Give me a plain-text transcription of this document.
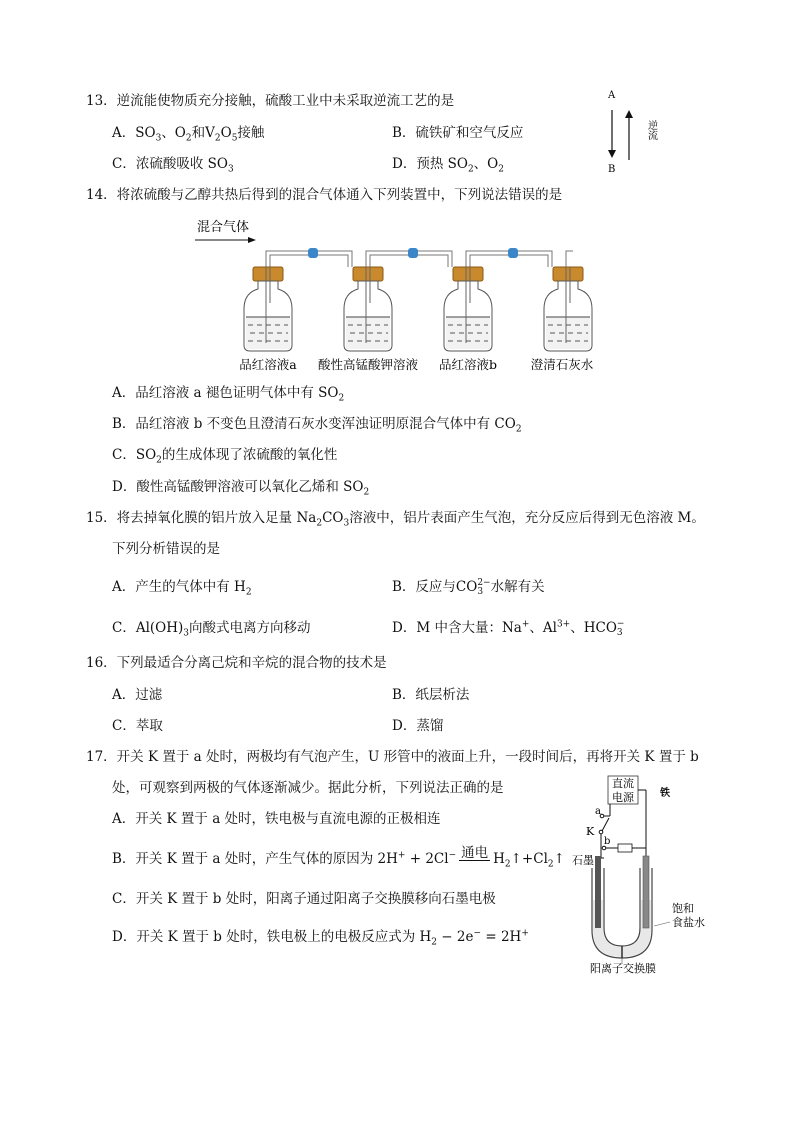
13．逆流能使物质充分接触，硫酸工业中未采取逆流工艺的是
A．$SO_3$、$O_2$和$V_2O_5$接触	B．硫铁矿和空气反应
C．浓硫酸吸收 $SO_3$	D．预热 $SO_2$、$O_2$
A
B
逆流
14．将浓硫酸与乙醇共热后得到的混合气体通入下列装置中，下列说法错误的是
混合气体
品红溶液a 酸性高锰酸钾溶液 品红溶液b	澄清石灰水
A．品红溶液 a 褪色证明气体中有 $SO_2$
B．品红溶液 b 不变色且澄清石灰水变浑浊证明原混合气体中有 $CO_2$
C．$SO_2$的生成体现了浓硫酸的氧化性
D．酸性高锰酸钾溶液可以氧化乙烯和 $SO_2$
15．将去掉氧化膜的铝片放入足量 $Na_2CO_3$溶液中，铝片表面产生气泡，充分反应后得到无色溶液 M。
下列分析错误的是
A．产生的气体中有 $H_2$	B．反应与CO 2−
3 水解有关
C．$Al(OH)_3$向酸式电离方向移动	D．M 中含大量：Na+、$Al^{3+}$、HCO −
3
16．下列最适合分离己烷和辛烷的混合物的技术是
A．过滤	B．纸层析法
C．萃取	D．蒸馏
17．开关 K 置于 a 处时，两极均有气泡产生，U 形管中的液面上升，一段时间后，再将开关 K 置于 b
处，可观察到两极的气体逐渐减少。据此分析，下列说法正确的是
A．开关 K 置于 a 处时，铁电极与直流电源的正极相连
B．开关 K 置于 a 处时，产生气体的原因为 2H+ + 2Cl− 通电 $H_2↑+Cl_2↑$
C．开关 K 置于 b 处时，阳离子通过阳离子交换膜移向石墨电极
D．开关 K 置于 b 处时，铁电极上的电极反应式为 $H_2 - 2e^- = 2H^+$
直流
电源
a
K
b
石墨
铁
饱和
食盐水
阳离子交换膜
